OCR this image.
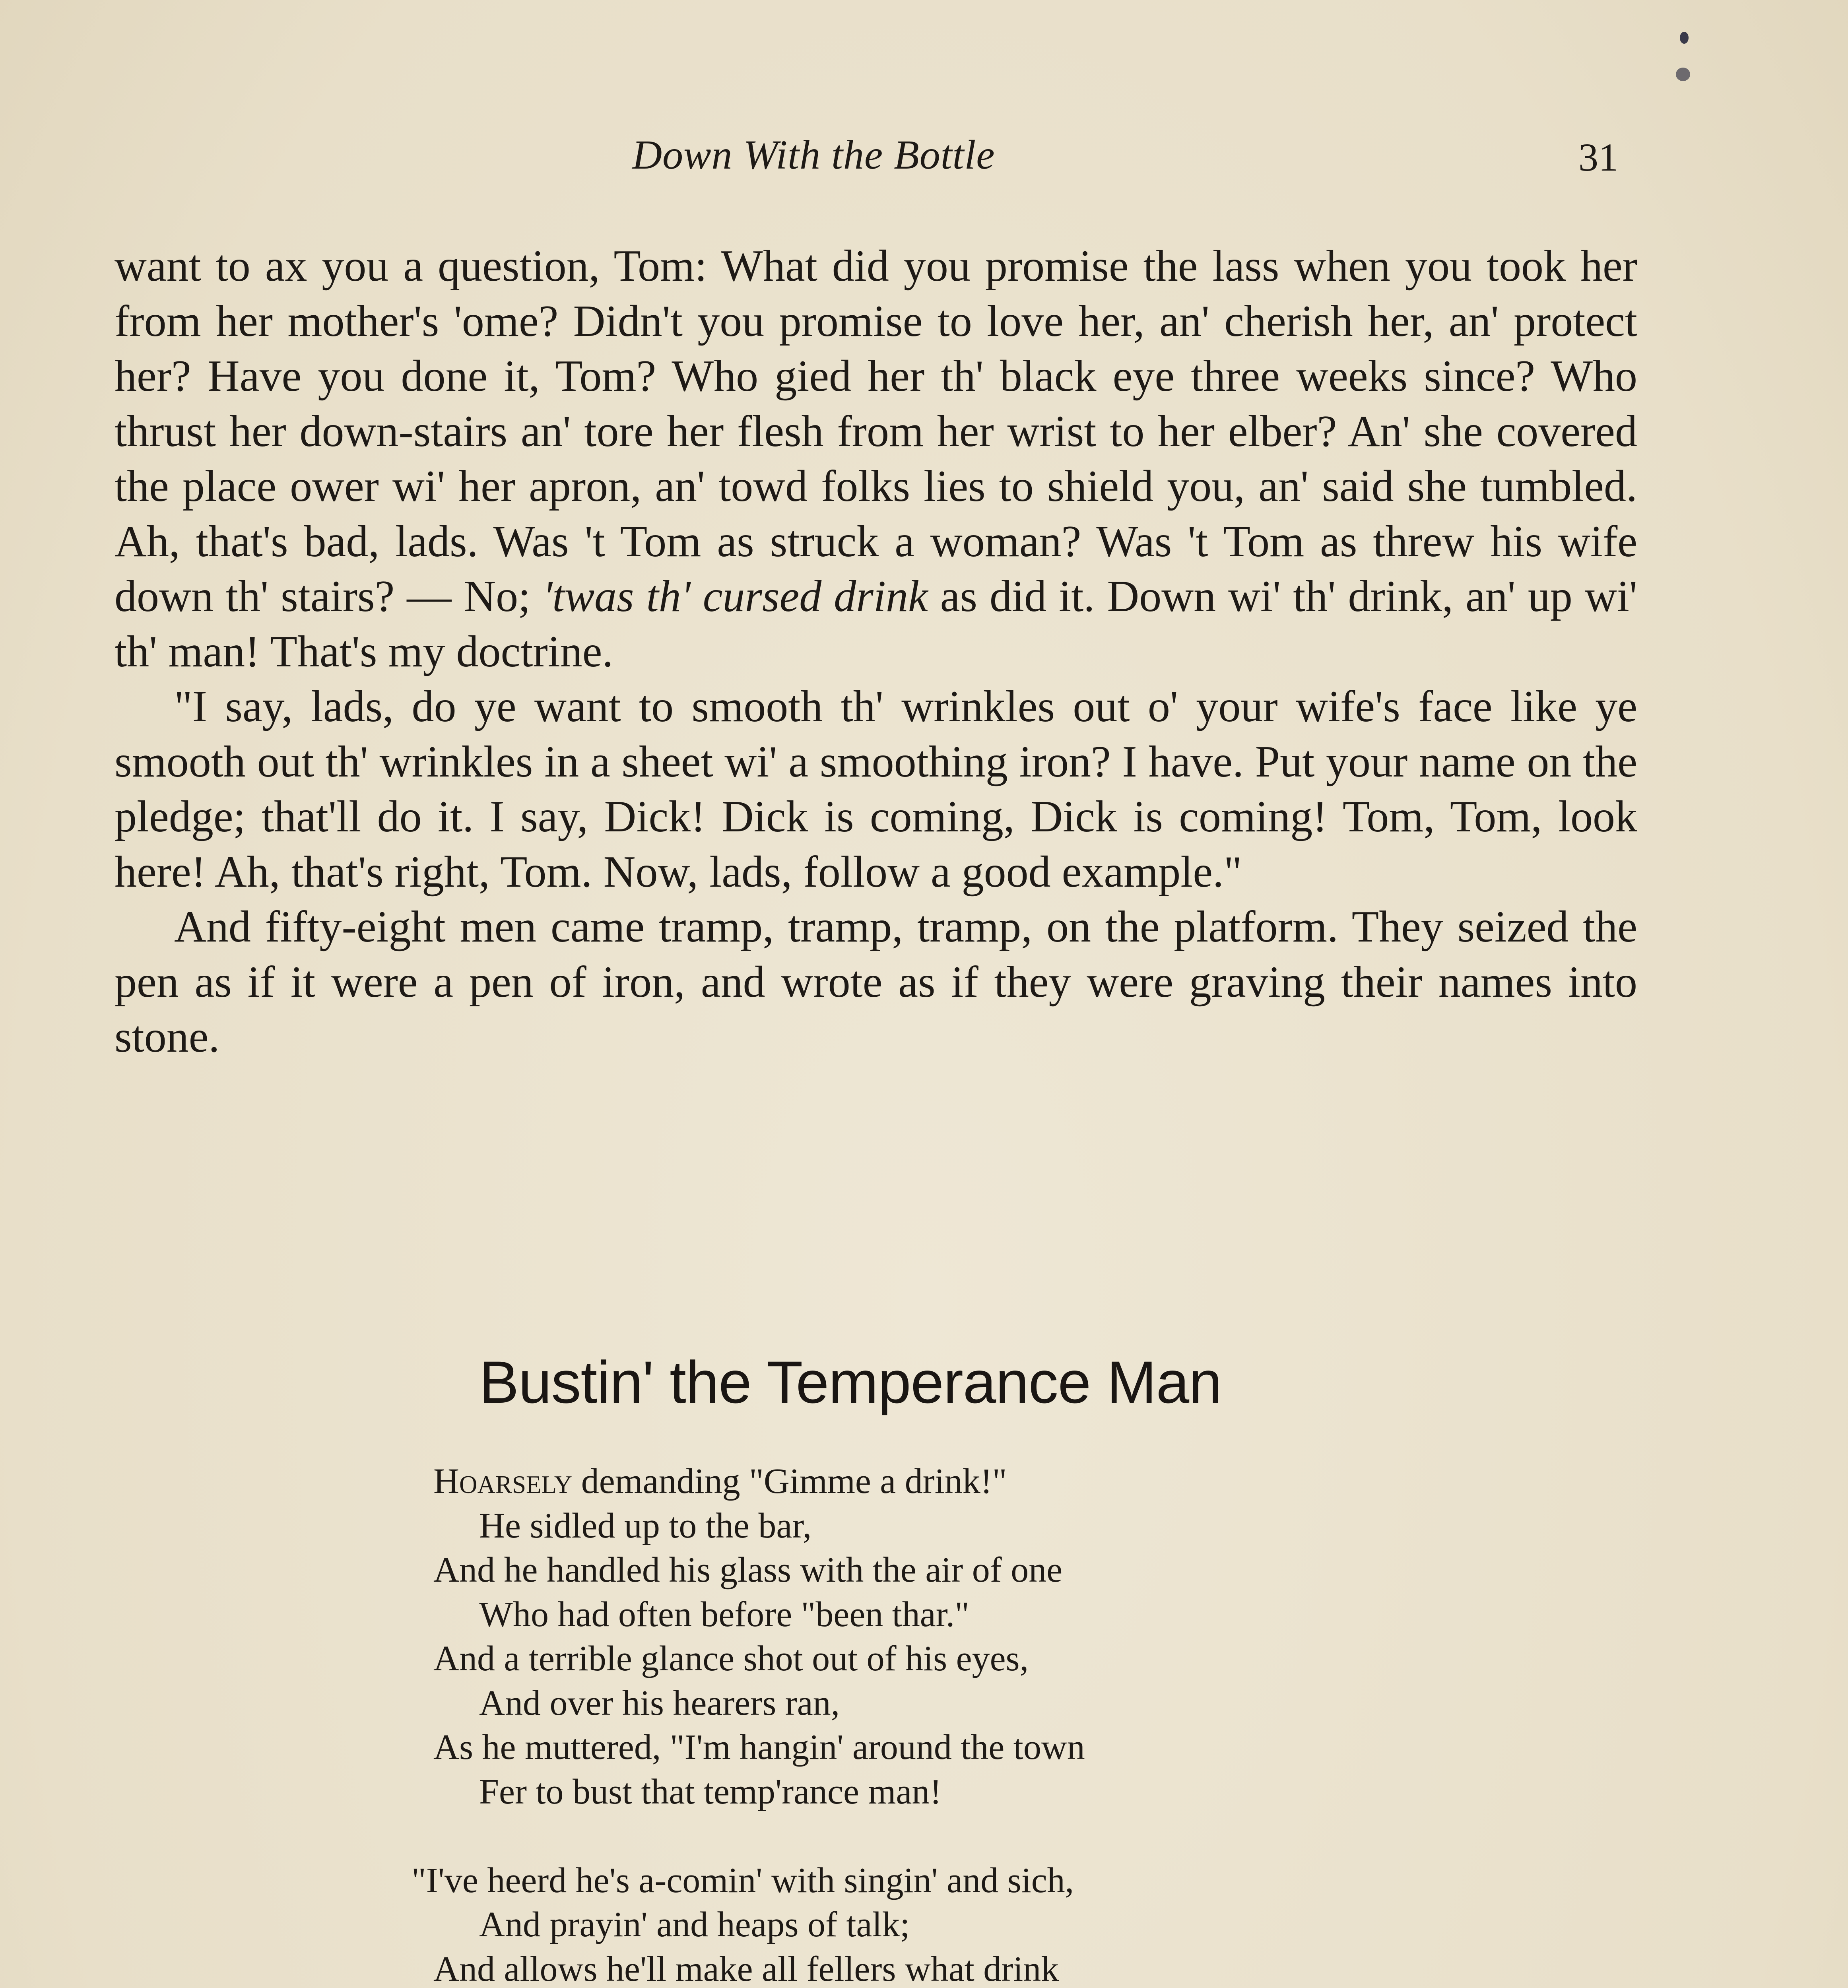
Down With the Bottle	31

want to ax you a question, Tom: What did you promise the lass when you took her from her mother's 'ome? Didn't you promise to love her, an' cherish her, an' protect her? Have you done it, Tom? Who gied her th' black eye three weeks since? Who thrust her down-stairs an' tore her flesh from her wrist to her elber? An' she covered the place ower wi' her apron, an' towd folks lies to shield you, an' said she tumbled. Ah, that's bad, lads. Was 't Tom as struck a woman? Was 't Tom as threw his wife down th' stairs? — No; 'twas th' cursed drink as did it. Down wi' th' drink, an' up wi' th' man! That's my doctrine.

"I say, lads, do ye want to smooth th' wrinkles out o' your wife's face like ye smooth out th' wrinkles in a sheet wi' a smoothing iron? I have. Put your name on the pledge; that'll do it. I say, Dick! Dick is coming, Dick is coming! Tom, Tom, look here! Ah, that's right, Tom. Now, lads, follow a good example."

And fifty-eight men came tramp, tramp, tramp, on the platform. They seized the pen as if it were a pen of iron, and wrote as if they were graving their names into stone.

Bustin' the Temperance Man
Hoarsely demanding "Gimme a drink!"
He sidled up to the bar,
And he handled his glass with the air of one
Who had often before "been thar."
And a terrible glance shot out of his eyes,
And over his hearers ran,
As he muttered, "I'm hangin' around the town
Fer to bust that temp'rance man!
"I've heerd he's a-comin' with singin' and sich,
And prayin' and heaps of talk;
And allows he'll make all fellers what drink
